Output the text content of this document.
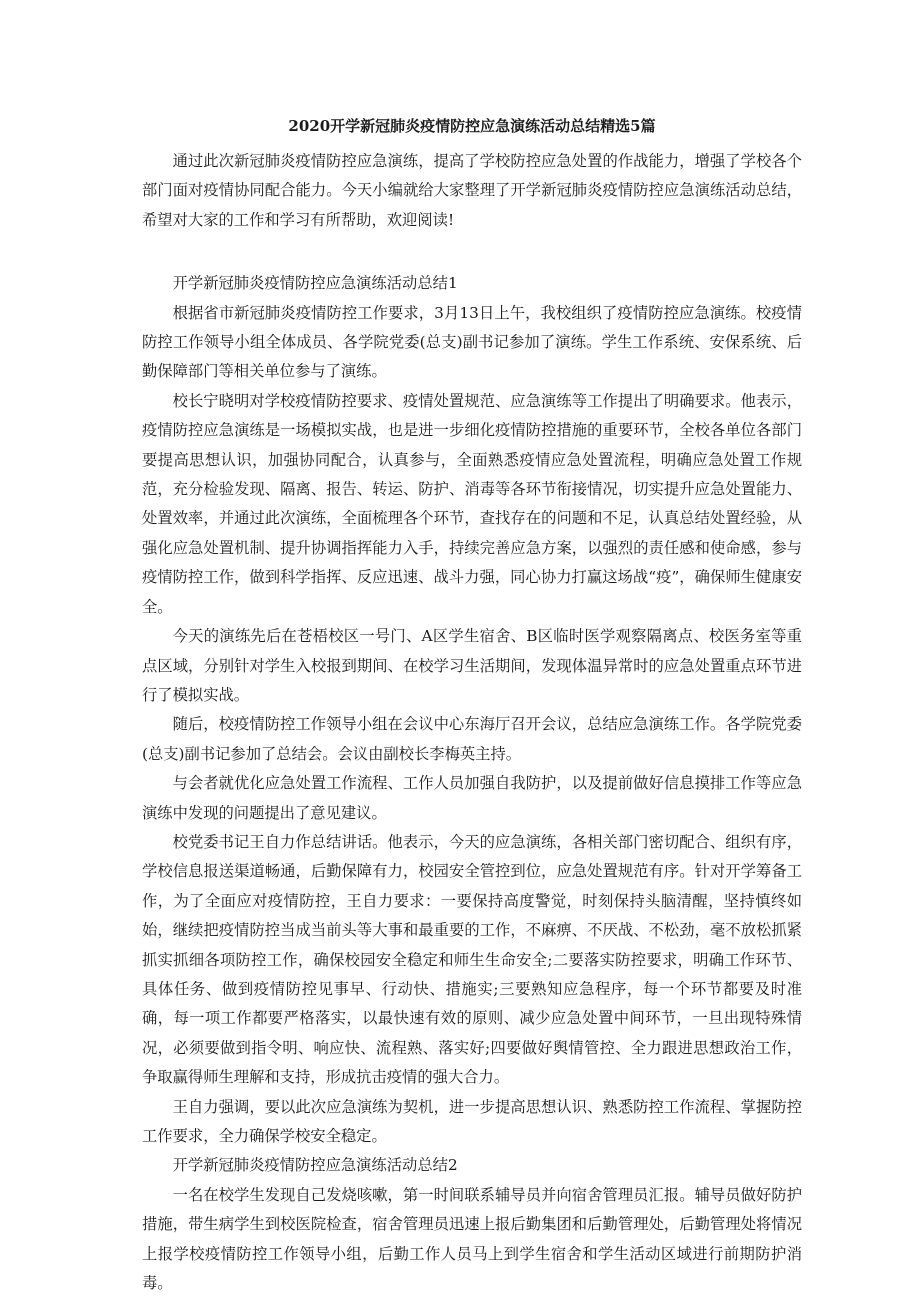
2020开学新冠肺炎疫情防控应急演练活动总结精选5篇

通过此次新冠肺炎疫情防控应急演练，提高了学校防控应急处置的作战能力，增强了学校各个部门面对疫情协同配合能力。今天小编就给大家整理了开学新冠肺炎疫情防控应急演练活动总结，希望对大家的工作和学习有所帮助，欢迎阅读!

开学新冠肺炎疫情防控应急演练活动总结1

根据省市新冠肺炎疫情防控工作要求，3月13日上午，我校组织了疫情防控应急演练。校疫情防控工作领导小组全体成员、各学院党委(总支)副书记参加了演练。学生工作系统、安保系统、后勤保障部门等相关单位参与了演练。

校长宁晓明对学校疫情防控要求、疫情处置规范、应急演练等工作提出了明确要求。他表示，疫情防控应急演练是一场模拟实战，也是进一步细化疫情防控措施的重要环节，全校各单位各部门要提高思想认识，加强协同配合，认真参与，全面熟悉疫情应急处置流程，明确应急处置工作规范，充分检验发现、隔离、报告、转运、防护、消毒等各环节衔接情况，切实提升应急处置能力、处置效率，并通过此次演练，全面梳理各个环节，查找存在的问题和不足，认真总结处置经验，从强化应急处置机制、提升协调指挥能力入手，持续完善应急方案，以强烈的责任感和使命感，参与疫情防控工作，做到科学指挥、反应迅速、战斗力强，同心协力打赢这场战“疫”，确保师生健康安全。

今天的演练先后在苍梧校区一号门、A区学生宿舍、B区临时医学观察隔离点、校医务室等重点区域，分别针对学生入校报到期间、在校学习生活期间，发现体温异常时的应急处置重点环节进行了模拟实战。

随后，校疫情防控工作领导小组在会议中心东海厅召开会议，总结应急演练工作。各学院党委(总支)副书记参加了总结会。会议由副校长李梅英主持。

与会者就优化应急处置工作流程、工作人员加强自我防护，以及提前做好信息摸排工作等应急演练中发现的问题提出了意见建议。

校党委书记王自力作总结讲话。他表示，今天的应急演练，各相关部门密切配合、组织有序，学校信息报送渠道畅通，后勤保障有力，校园安全管控到位，应急处置规范有序。针对开学筹备工作，为了全面应对疫情防控，王自力要求：一要保持高度警觉，时刻保持头脑清醒，坚持慎终如始，继续把疫情防控当成当前头等大事和最重要的工作，不麻痹、不厌战、不松劲，毫不放松抓紧抓实抓细各项防控工作，确保校园安全稳定和师生生命安全;二要落实防控要求，明确工作环节、具体任务、做到疫情防控见事早、行动快、措施实;三要熟知应急程序，每一个环节都要及时准确，每一项工作都要严格落实，以最快速有效的原则、减少应急处置中间环节，一旦出现特殊情况，必须要做到指令明、响应快、流程熟、落实好;四要做好舆情管控、全力跟进思想政治工作，争取赢得师生理解和支持，形成抗击疫情的强大合力。

王自力强调，要以此次应急演练为契机，进一步提高思想认识、熟悉防控工作流程、掌握防控工作要求，全力确保学校安全稳定。

开学新冠肺炎疫情防控应急演练活动总结2

一名在校学生发现自己发烧咳嗽，第一时间联系辅导员并向宿舍管理员汇报。辅导员做好防护措施，带生病学生到校医院检查，宿舍管理员迅速上报后勤集团和后勤管理处，后勤管理处将情况上报学校疫情防控工作领导小组，后勤工作人员马上到学生宿舍和学生活动区域进行前期防护消毒。
